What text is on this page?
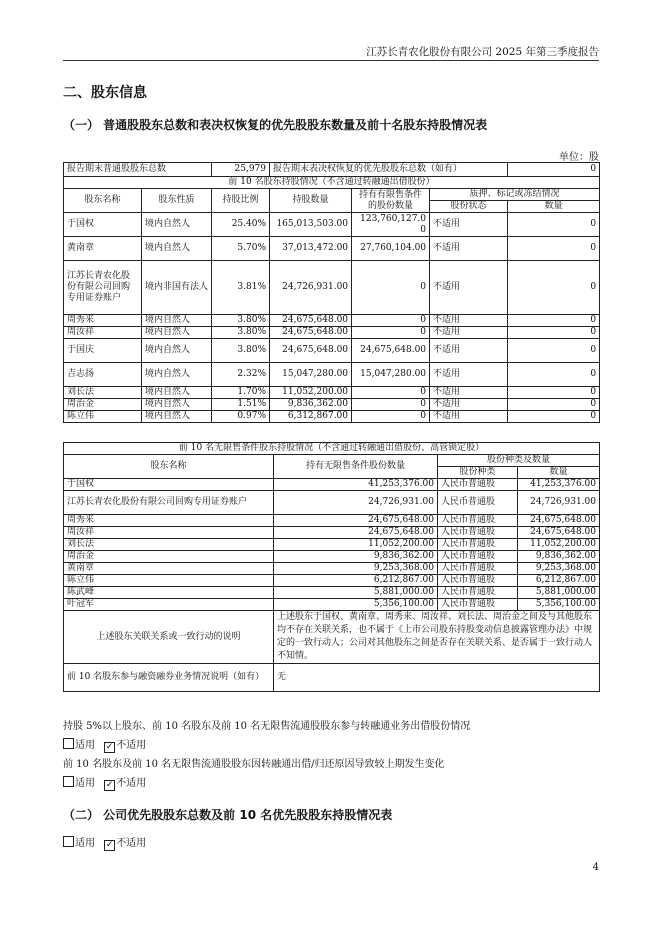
江苏长青农化股份有限公司 2025 年第三季度报告
二、股东信息
（一） 普通股股东总数和表决权恢复的优先股股东数量及前十名股东持股情况表
单位：股
报告期末普通股股东总数		25,979	报告期末表决权恢复的优先股股东总数（如有）			0
前 10 名股东持股情况（不含通过转融通出借股份）						
股东名称	股东性质	持股比例	持股数量	持有有限售条件的股份数量	质押、标记或冻结情况	
					股份状态	数量
于国权	境内自然人	25.40%	165,013,503.00	123,760,127.00	不适用	0
黄南章	境内自然人	5.70%	37,013,472.00	27,760,104.00	不适用	0
江苏长青农化股份有限公司回购专用证券账户	境内非国有法人	3.81%	24,726,931.00	0	不适用	0
周秀来	境内自然人	3.80%	24,675,648.00	0	不适用	0
周汝祥	境内自然人	3.80%	24,675,648.00	0	不适用	0
于国庆	境内自然人	3.80%	24,675,648.00	24,675,648.00	不适用	0
吉志扬	境内自然人	2.32%	15,047,280.00	15,047,280.00	不适用	0
刘长法	境内自然人	1.70%	11,052,200.00	0	不适用	0
周治金	境内自然人	1.51%	9,836,362.00	0	不适用	0
陈立伟	境内自然人	0.97%	6,312,867.00	0	不适用	0
前 10 名无限售条件股东持股情况（不含通过转融通出借股份、高管锁定股）			
股东名称	持有无限售条件股份数量	股份种类及数量	
		股份种类	数量
于国权	41,253,376.00	人民币普通股	41,253,376.00
江苏长青农化股份有限公司回购专用证券账户	24,726,931.00	人民币普通股	24,726,931.00
周秀来	24,675,648.00	人民币普通股	24,675,648.00
周汝祥	24,675,648.00	人民币普通股	24,675,648.00
刘长法	11,052,200.00	人民币普通股	11,052,200.00
周治金	9,836,362.00	人民币普通股	9,836,362.00
黄南章	9,253,368.00	人民币普通股	9,253,368.00
陈立伟	6,212,867.00	人民币普通股	6,212,867.00
陈武峰	5,881,000.00	人民币普通股	5,881,000.00
叶冠军	5,356,100.00	人民币普通股	5,356,100.00
上述股东关联关系或一致行动的说明	上述股东于国权、黄南章、周秀来、周汝祥、刘长法、周治金之间及与其他股东均不存在关联关系，也不属于《上市公司股东持股变动信息披露管理办法》中规定的一致行动人；公司对其他股东之间是否存在关联关系、是否属于一致行动人不知情。		
前 10 名股东参与融资融券业务情况说明（如有）	无		
持股 5%以上股东、前 10 名股东及前 10 名无限售流通股股东参与转融通业务出借股份情况
适用 ✓ 不适用
前 10 名股东及前 10 名无限售流通股股东因转融通出借/归还原因导致较上期发生变化
适用 ✓ 不适用
（二） 公司优先股股东总数及前 10 名优先股股东持股情况表
适用 ✓ 不适用
4
